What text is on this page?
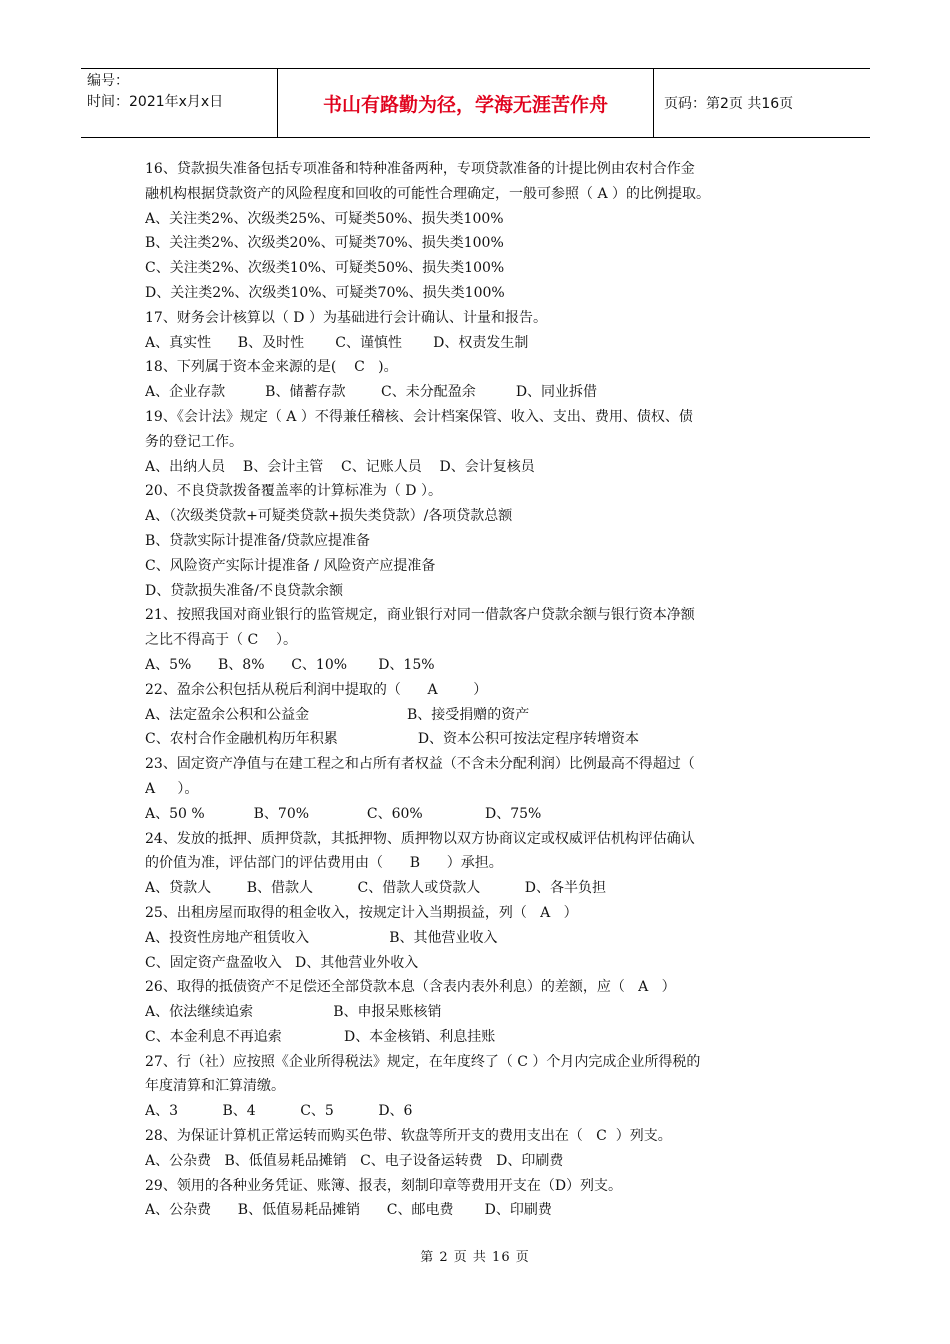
编号：
时间：2021年x月x日	书山有路勤为径，学海无涯苦作舟	页码：第2页 共16页
16、贷款损失准备包括专项准备和特种准备两种，专项贷款准备的计提比例由农村合作金
融机构根据贷款资产的风险程度和回收的可能性合理确定，一般可参照（ A ）的比例提取。
A、关注类2%、次级类25%、可疑类50%、损失类100%
B、关注类2%、次级类20%、可疑类70%、损失类100%
C、关注类2%、次级类10%、可疑类50%、损失类100%
D、关注类2%、次级类10%、可疑类70%、损失类100%
17、财务会计核算以（ D ）为基础进行会计确认、计量和报告。
A、真实性      B、及时性       C、谨慎性       D、权责发生制
18、下列属于资本金来源的是(    C   )。
A、企业存款         B、储蓄存款        C、未分配盈余         D、同业拆借
19、《会计法》规定（ A ）不得兼任稽核、会计档案保管、收入、支出、费用、债权、债
务的登记工作。
A、出纳人员    B、会计主管    C、记账人员    D、会计复核员
20、不良贷款拨备覆盖率的计算标准为（ D ）。
A、（次级类贷款+可疑类贷款+损失类贷款）/各项贷款总额
B、贷款实际计提准备/贷款应提准备
C、风险资产实际计提准备 / 风险资产应提准备
D、贷款损失准备/不良贷款余额
21、按照我国对商业银行的监管规定，商业银行对同一借款客户贷款余额与银行资本净额
之比不得高于（ C    ）。
A、5%      B、8%      C、10%       D、15%
22、盈余公积包括从税后利润中提取的（      A        ）
A、法定盈余公积和公益金                      B、接受捐赠的资产
C、农村合作金融机构历年积累                  D、资本公积可按法定程序转增资本
23、固定资产净值与在建工程之和占所有者权益（不含未分配利润）比例最高不得超过（
A     ）。
A、50 %           B、70%             C、60%              D、75%
24、发放的抵押、质押贷款，其抵押物、质押物以双方协商议定或权威评估机构评估确认
的价值为准，评估部门的评估费用由（      B      ）承担。
A、贷款人        B、借款人          C、借款人或贷款人          D、各半负担
25、出租房屋而取得的租金收入，按规定计入当期损益，列（   A   ）
A、投资性房地产租赁收入                  B、其他营业收入
C、固定资产盘盈收入   D、其他营业外收入
26、取得的抵债资产不足偿还全部贷款本息（含表内表外利息）的差额，应（   A   ）
A、依法继续追索                  B、申报呆账核销
C、本金利息不再追索              D、本金核销、利息挂账
27、行（社）应按照《企业所得税法》规定，在年度终了（ C ）个月内完成企业所得税的
年度清算和汇算清缴。
A、3          B、4          C、5          D、6
28、为保证计算机正常运转而购买色带、软盘等所开支的费用支出在（   C  ）列支。
A、公杂费   B、低值易耗品摊销   C、电子设备运转费   D、印刷费
29、领用的各种业务凭证、账簿、报表，刻制印章等费用开支在（D）列支。
A、公杂费      B、低值易耗品摊销      C、邮电费       D、印刷费
第 2 页 共 16 页
